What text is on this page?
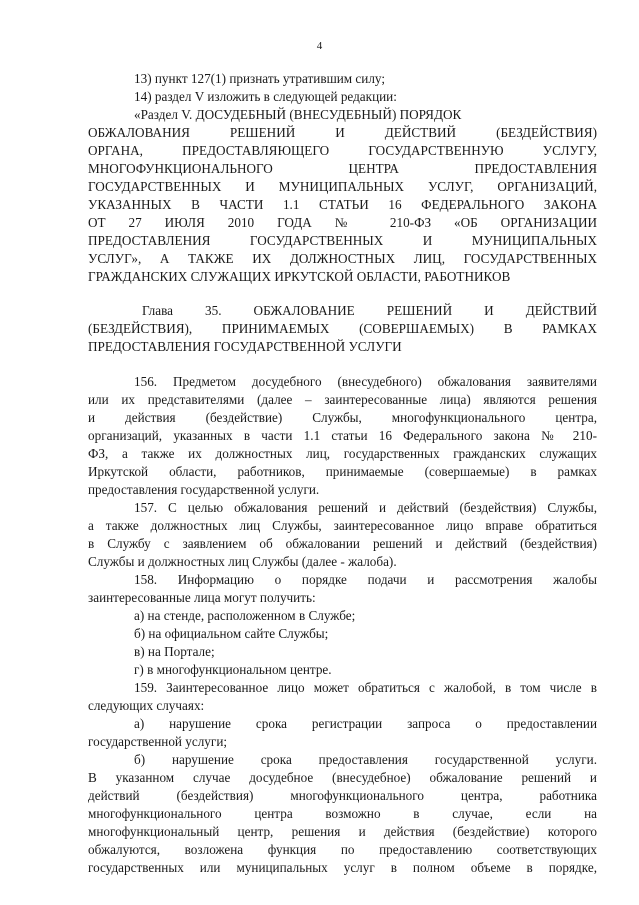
4

13) пункт 127(1) признать утратившим силу;

14) раздел V изложить в следующей редакции:

«Раздел V. ДОСУДЕБНЫЙ (ВНЕСУДЕБНЫЙ) ПОРЯДОК

ОБЖАЛОВАНИЯ РЕШЕНИЙ И ДЕЙСТВИЙ (БЕЗДЕЙСТВИЯ)

ОРГАНА, ПРЕДОСТАВЛЯЮЩЕГО ГОСУДАРСТВЕННУЮ УСЛУГУ,

МНОГОФУНКЦИОНАЛЬНОГО ЦЕНТРА ПРЕДОСТАВЛЕНИЯ

ГОСУДАРСТВЕННЫХ И МУНИЦИПАЛЬНЫХ УСЛУГ, ОРГАНИЗАЦИЙ,

УКАЗАННЫХ В ЧАСТИ 1.1 СТАТЬИ 16 ФЕДЕРАЛЬНОГО ЗАКОНА

ОТ 27 ИЮЛЯ 2010 ГОДА № 210-ФЗ «ОБ ОРГАНИЗАЦИИ

ПРЕДОСТАВЛЕНИЯ ГОСУДАРСТВЕННЫХ И МУНИЦИПАЛЬНЫХ

УСЛУГ», А ТАКЖЕ ИХ ДОЛЖНОСТНЫХ ЛИЦ, ГОСУДАРСТВЕННЫХ

ГРАЖДАНСКИХ СЛУЖАЩИХ ИРКУТСКОЙ ОБЛАСТИ, РАБОТНИКОВ

Глава 35. ОБЖАЛОВАНИЕ РЕШЕНИЙ И ДЕЙСТВИЙ

(БЕЗДЕЙСТВИЯ), ПРИНИМАЕМЫХ (СОВЕРШАЕМЫХ) В РАМКАХ

ПРЕДОСТАВЛЕНИЯ ГОСУДАРСТВЕННОЙ УСЛУГИ

156. Предметом досудебного (внесудебного) обжалования заявителями

или их представителями (далее – заинтересованные лица) являются решения

и действия (бездействие) Службы, многофункционального центра,

организаций, указанных в части 1.1 статьи 16 Федерального закона № 210-

ФЗ, а также их должностных лиц, государственных гражданских служащих

Иркутской области, работников, принимаемые (совершаемые) в рамках

предоставления государственной услуги.

157. С целью обжалования решений и действий (бездействия) Службы,

а также должностных лиц Службы, заинтересованное лицо вправе обратиться

в Службу с заявлением об обжаловании решений и действий (бездействия)

Службы и должностных лиц Службы (далее - жалоба).

158. Информацию о порядке подачи и рассмотрения жалобы

заинтересованные лица могут получить:

а) на стенде, расположенном в Службе;

б) на официальном сайте Службы;

в) на Портале;

г) в многофункциональном центре.

159. Заинтересованное лицо может обратиться с жалобой, в том числе в

следующих случаях:

а) нарушение срока регистрации запроса о предоставлении

государственной услуги;

б) нарушение срока предоставления государственной услуги.

В указанном случае досудебное (внесудебное) обжалование решений и

действий (бездействия) многофункционального центра, работника

многофункционального центра возможно в случае, если на

многофункциональный центр, решения и действия (бездействие) которого

обжалуются, возложена функция по предоставлению соответствующих

государственных или муниципальных услуг в полном объеме в порядке,
